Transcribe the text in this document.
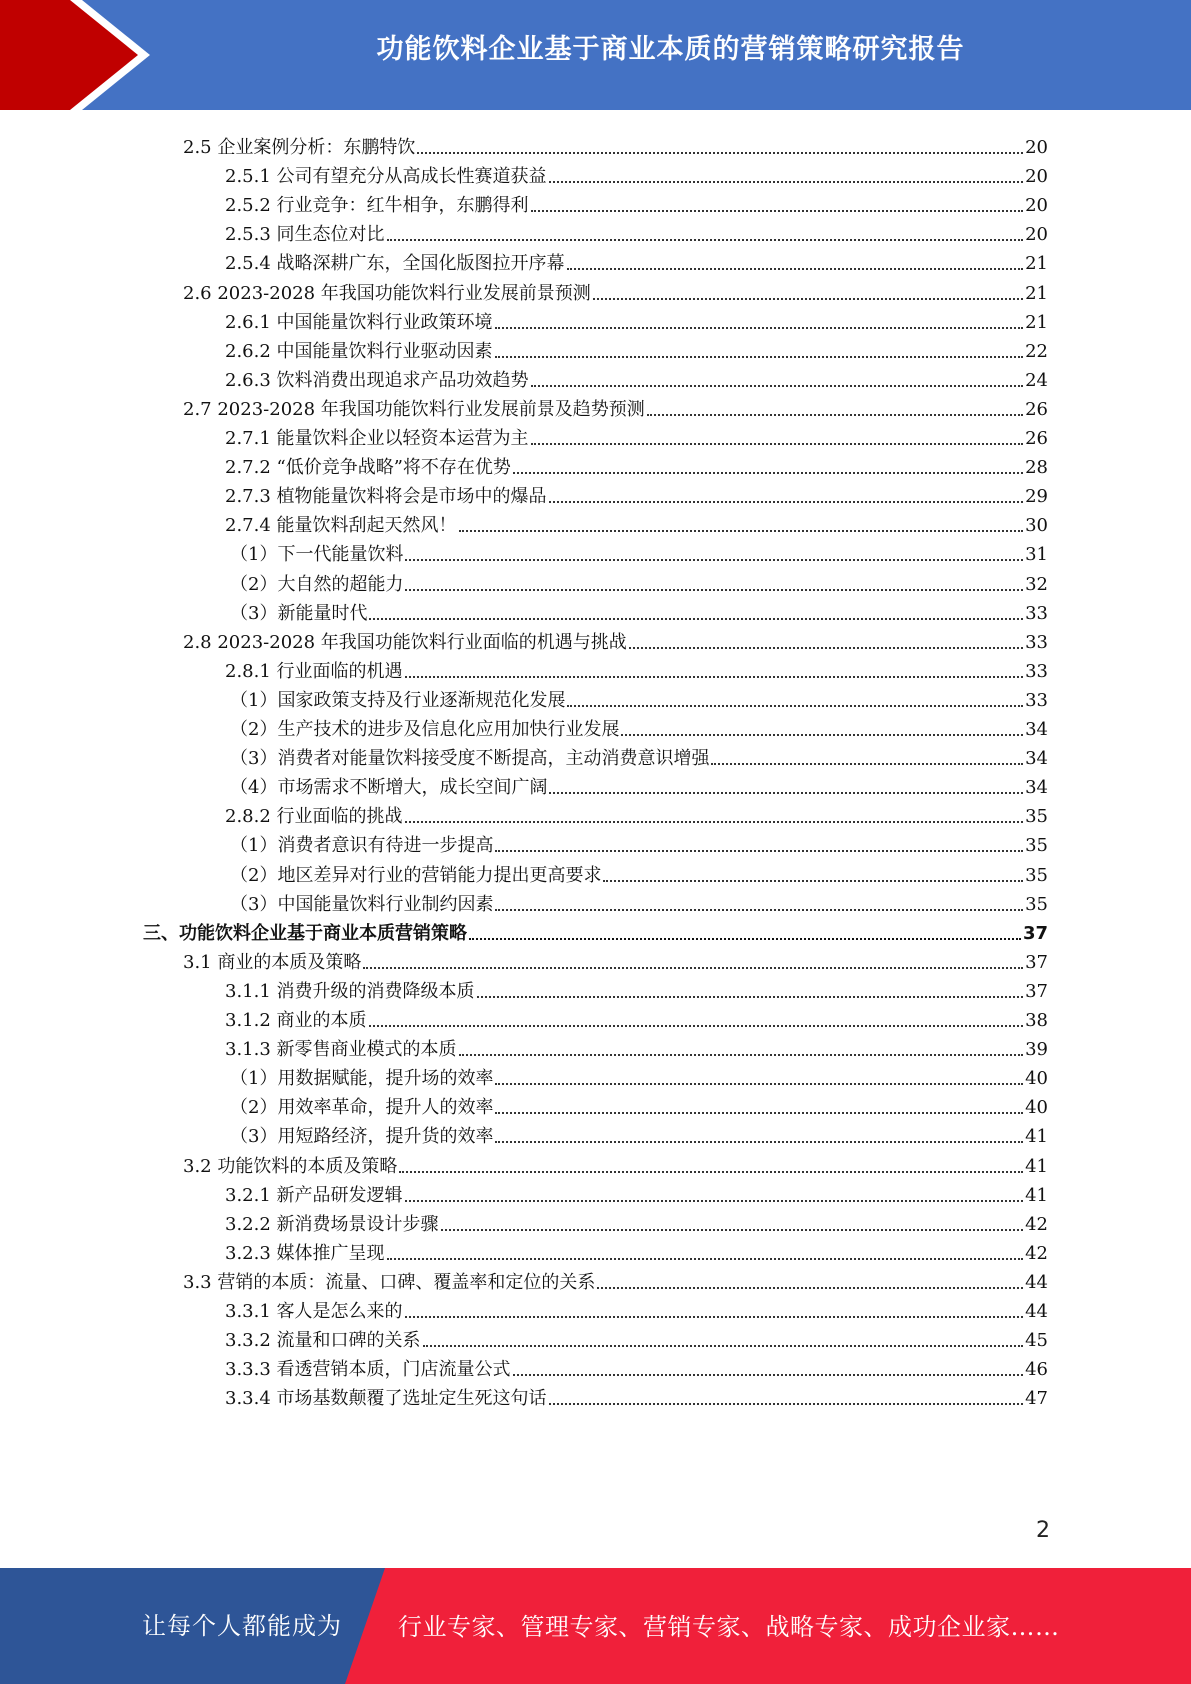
功能饮料企业基于商业本质的营销策略研究报告
2.5 企业案例分析：东鹏特饮	20
2.5.1 公司有望充分从高成长性赛道获益	20
2.5.2 行业竞争：红牛相争，东鹏得利	20
2.5.3 同生态位对比	20
2.5.4 战略深耕广东，全国化版图拉开序幕	21
2.6 2023-2028 年我国功能饮料行业发展前景预测	21
2.6.1 中国能量饮料行业政策环境	21
2.6.2 中国能量饮料行业驱动因素	22
2.6.3 饮料消费出现追求产品功效趋势	24
2.7 2023-2028 年我国功能饮料行业发展前景及趋势预测	26
2.7.1 能量饮料企业以轻资本运营为主	26
2.7.2 “低价竞争战略”将不存在优势	28
2.7.3 植物能量饮料将会是市场中的爆品	29
2.7.4 能量饮料刮起天然风！	30
（1）下一代能量饮料	31
（2）大自然的超能力	32
（3）新能量时代	33
2.8 2023-2028 年我国功能饮料行业面临的机遇与挑战	33
2.8.1 行业面临的机遇	33
（1）国家政策支持及行业逐渐规范化发展	33
（2）生产技术的进步及信息化应用加快行业发展	34
（3）消费者对能量饮料接受度不断提高，主动消费意识增强	34
（4）市场需求不断增大，成长空间广阔	34
2.8.2 行业面临的挑战	35
（1）消费者意识有待进一步提高	35
（2）地区差异对行业的营销能力提出更高要求	35
（3）中国能量饮料行业制约因素	35
三、功能饮料企业基于商业本质营销策略	37
3.1 商业的本质及策略	37
3.1.1 消费升级的消费降级本质	37
3.1.2 商业的本质	38
3.1.3 新零售商业模式的本质	39
（1）用数据赋能，提升场的效率	40
（2）用效率革命，提升人的效率	40
（3）用短路经济，提升货的效率	41
3.2 功能饮料的本质及策略	41
3.2.1 新产品研发逻辑	41
3.2.2 新消费场景设计步骤	42
3.2.3 媒体推广呈现	42
3.3 营销的本质：流量、口碑、覆盖率和定位的关系	44
3.3.1 客人是怎么来的	44
3.3.2 流量和口碑的关系	45
3.3.3 看透营销本质，门店流量公式	46
3.3.4 市场基数颠覆了选址定生死这句话	47
2
让每个人都能成为 行业专家、管理专家、营销专家、战略专家、成功企业家……
